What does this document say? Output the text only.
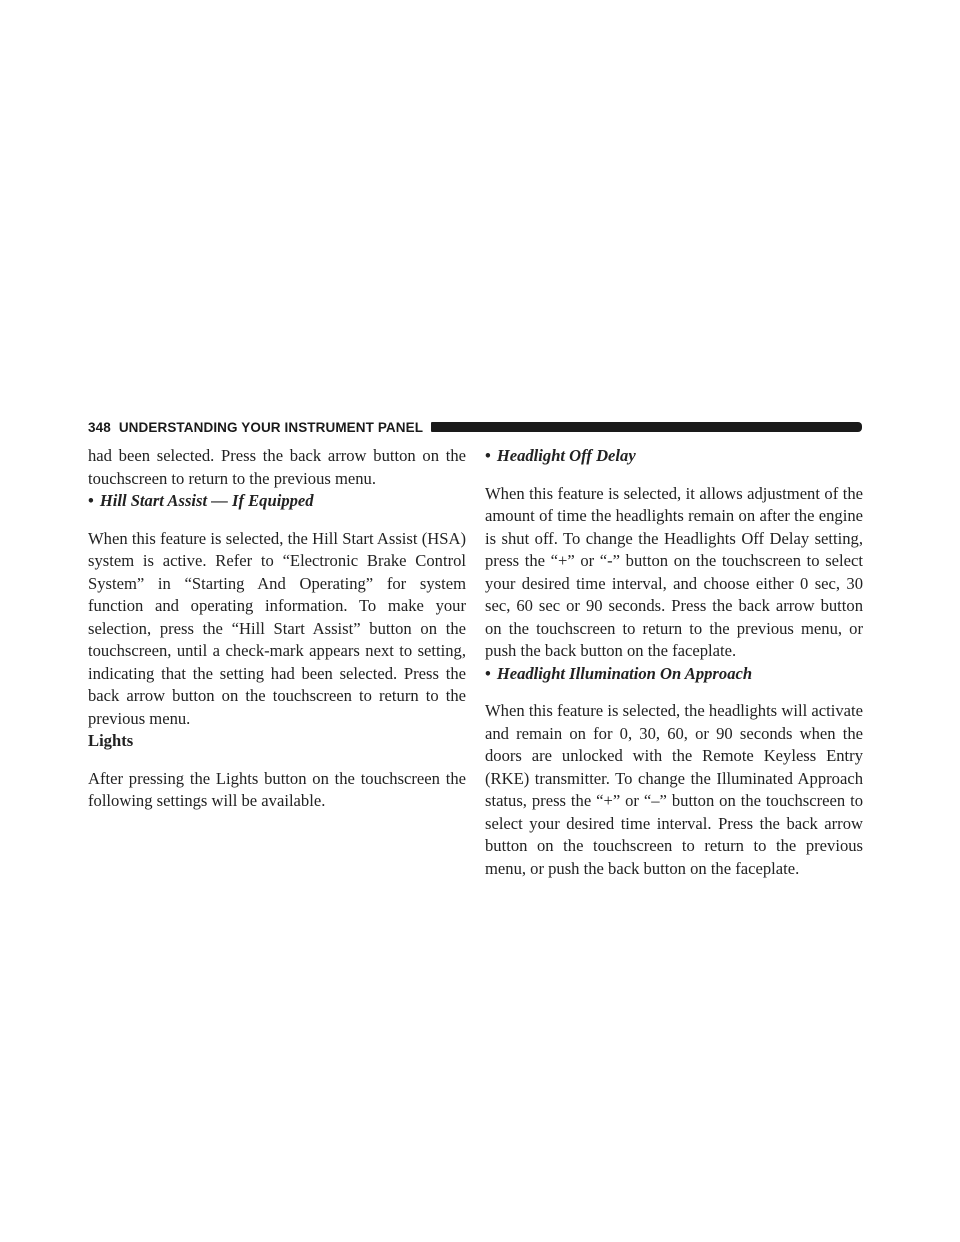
348 UNDERSTANDING YOUR INSTRUMENT PANEL

had been selected. Press the back arrow button on the touchscreen to return to the previous menu.

• Hill Start Assist — If Equipped

When this feature is selected, the Hill Start Assist (HSA) system is active. Refer to “Electronic Brake Control System” in “Starting And Operating” for system function and operating information. To make your selection, press the “Hill Start Assist” button on the touchscreen, until a check-mark appears next to setting, indicating that the setting had been selected. Press the back arrow button on the touchscreen to return to the previous menu.

Lights

After pressing the Lights button on the touchscreen the following settings will be available.

• Headlight Off Delay

When this feature is selected, it allows adjustment of the amount of time the headlights remain on after the engine is shut off. To change the Headlights Off Delay setting, press the “+” or “-” button on the touchscreen to select your desired time interval, and choose either 0 sec, 30 sec, 60 sec or 90 seconds. Press the back arrow button on the touchscreen to return to the previous menu, or push the back button on the faceplate.

• Headlight Illumination On Approach

When this feature is selected, the headlights will activate and remain on for 0, 30, 60, or 90 seconds when the doors are unlocked with the Remote Keyless Entry (RKE) transmitter. To change the Illuminated Approach status, press the “+” or “–” button on the touchscreen to select your desired time interval. Press the back arrow button on the touchscreen to return to the previous menu, or push the back button on the faceplate.
